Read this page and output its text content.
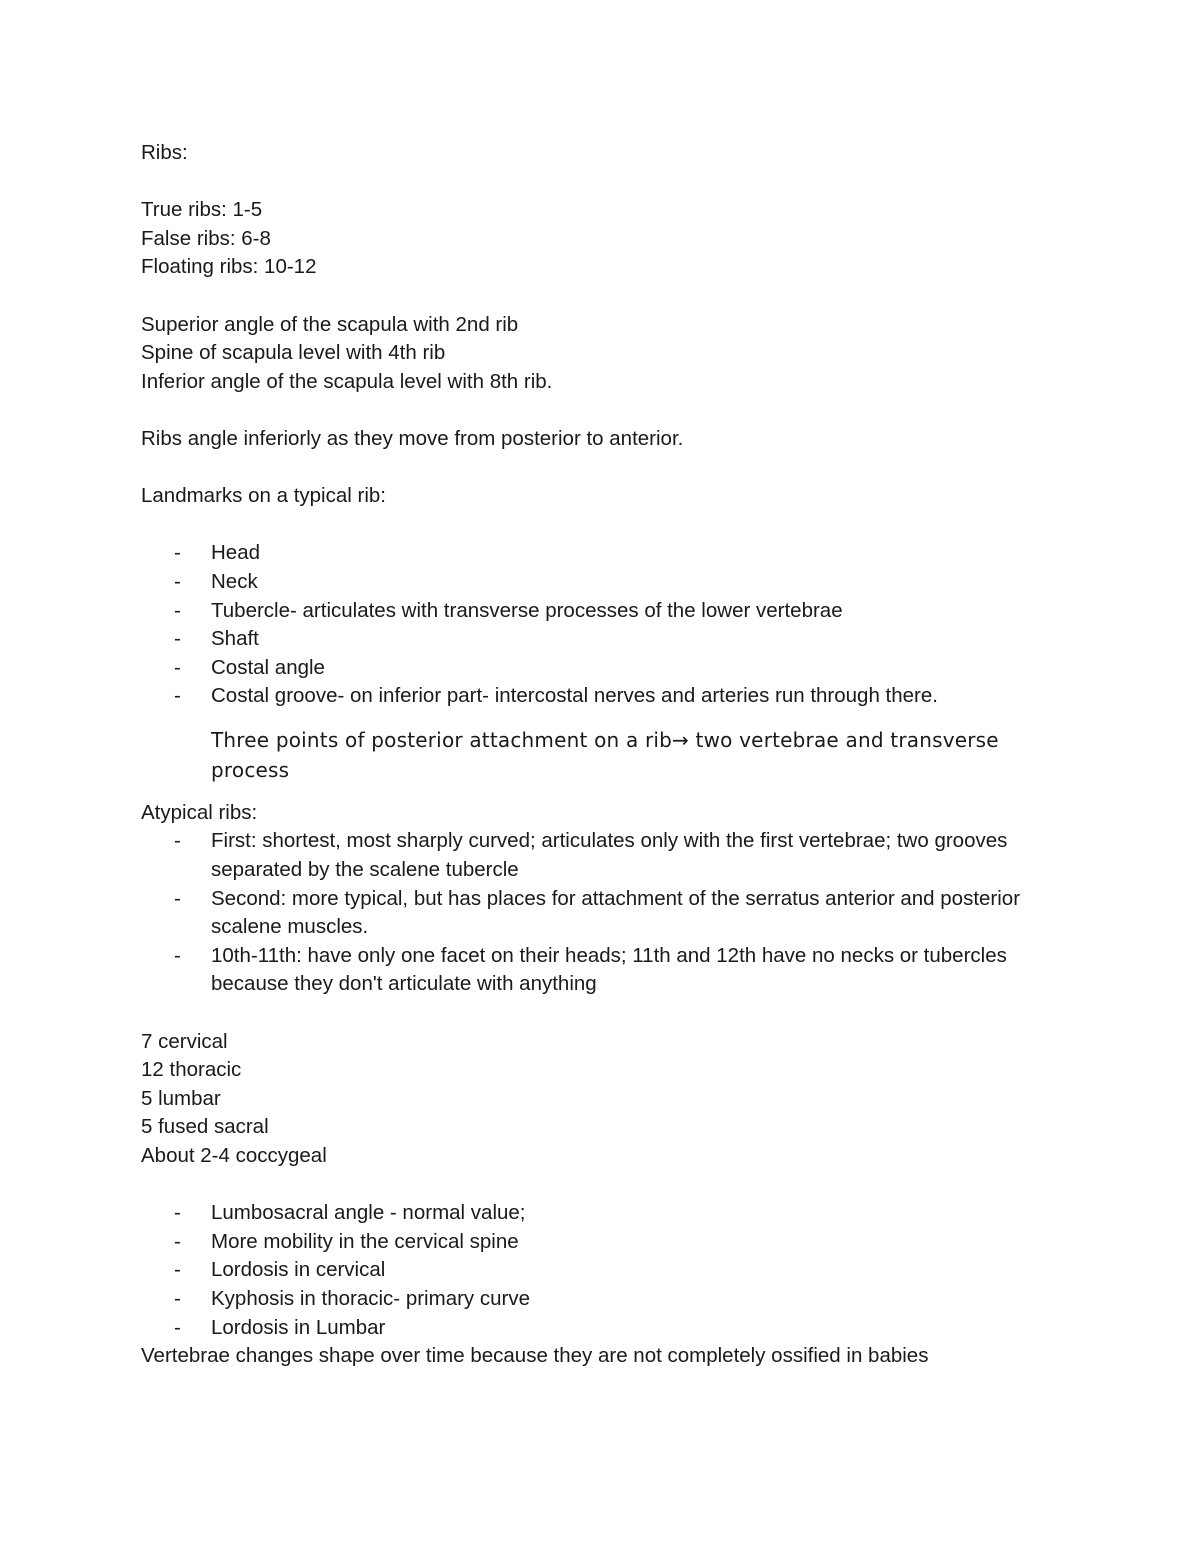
Ribs:
True ribs: 1-5
False ribs: 6-8
Floating ribs: 10-12
Superior angle of the scapula with 2nd rib
Spine of scapula level with 4th rib
Inferior angle of the scapula level with 8th rib.
Ribs angle inferiorly as they move from posterior to anterior.
Landmarks on a typical rib:
- Head
- Neck
- Tubercle- articulates with transverse processes of the lower vertebrae
- Shaft
- Costal angle
- Costal groove- on inferior part- intercostal nerves and arteries run through there.
Three points of posterior attachment on a rib→ two vertebrae and transverse process
Atypical ribs:
- First: shortest, most sharply curved; articulates only with the first vertebrae; two grooves separated by the scalene tubercle
- Second: more typical, but has places for attachment of the serratus anterior and posterior scalene muscles.
- 10th-11th: have only one facet on their heads; 11th and 12th have no necks or tubercles because they don't articulate with anything
7 cervical
12 thoracic
5 lumbar
5 fused sacral
About 2-4 coccygeal
- Lumbosacral angle - normal value;
- More mobility in the cervical spine
- Lordosis in cervical
- Kyphosis in thoracic- primary curve
- Lordosis in Lumbar
Vertebrae changes shape over time because they are not completely ossified in babies
